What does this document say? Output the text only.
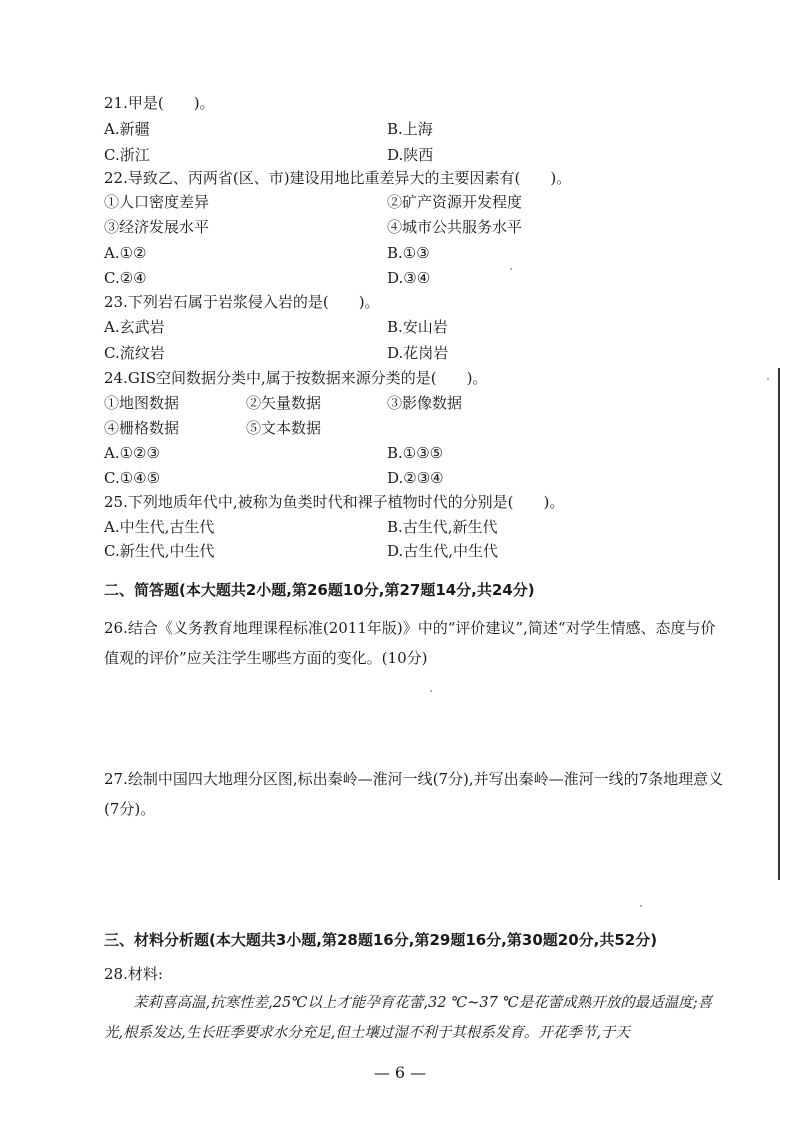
21.甲是(　　)。
A.新疆	B.上海
C.浙江	D.陕西
22.导致乙、丙两省(区、市)建设用地比重差异大的主要因素有(　　)。
①人口密度差异	②矿产资源开发程度
③经济发展水平	④城市公共服务水平
A.①②	B.①③
C.②④	D.③④
23.下列岩石属于岩浆侵入岩的是(　　)。
A.玄武岩	B.安山岩
C.流纹岩	D.花岗岩
24.GIS空间数据分类中,属于按数据来源分类的是(　　)。
①地图数据	②矢量数据	③影像数据
④栅格数据	⑤文本数据
A.①②③	B.①③⑤
C.①④⑤	D.②③④
25.下列地质年代中,被称为鱼类时代和裸子植物时代的分别是(　　)。
A.中生代,古生代	B.古生代,新生代
C.新生代,中生代	D.古生代,中生代
二、简答题(本大题共2小题,第26题10分,第27题14分,共24分)
26.结合《义务教育地理课程标准(2011年版)》中的“评价建议”,简述“对学生情感、态度与价值观的评价”应关注学生哪些方面的变化。(10分)
27.绘制中国四大地理分区图,标出秦岭—淮河一线(7分),并写出秦岭—淮河一线的7条地理意义(7分)。
三、材料分析题(本大题共3小题,第28题16分,第29题16分,第30题20分,共52分)
28.材料:
茉莉喜高温,抗寒性差,25℃以上才能孕育花蕾,32 ℃~37 ℃是花蕾成熟开放的最适温度;喜光,根系发达,生长旺季要求水分充足,但土壤过湿不利于其根系发育。开花季节,于天
— 6 —
